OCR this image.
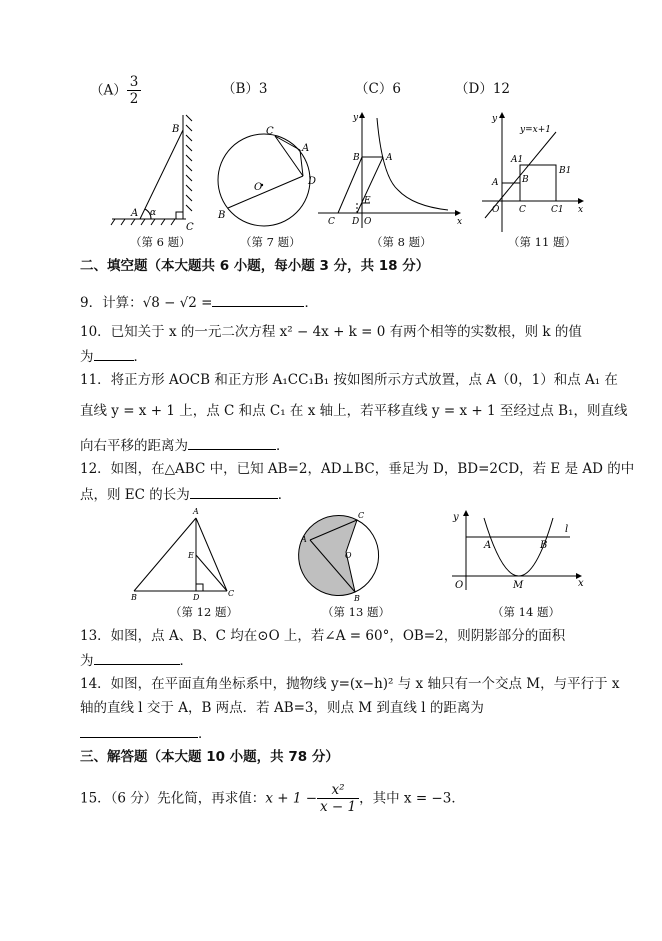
$(A) \frac{3}{2}$	（B）3	（C）6	（D）12
B
A α
C
C
A
D
B
O
y
B	A
E
C D O	x
y
y=x+1
A1
B1
A	B
O C	C1 x
（第 6 题）	（第 7 题）	（第 8 题）	（第 11 题）
二、填空题（本大题共 6 小题，每小题 3 分，共 18 分）
9．计算：√8 − √2 =	．
10．已知关于 x 的一元二次方程 x² − 4x + k = 0 有两个相等的实数根，则 k 的值
为	．
11．将正方形 AOCB 和正方形 A₁CC₁B₁ 按如图所示方式放置，点 A（0，1）和点 A₁ 在
直线 y = x + 1 上，点 C 和点 C₁ 在 x 轴上，若平移直线 y = x + 1 至经过点 B₁，则直线
向右平移的距离为	．
12．如图，在△ABC 中，已知 AB=2，AD⊥BC，垂足为 D，BD=2CD，若 E 是 AD 的中
点，则 EC 的长为	．
A
E
B	D	C
A
C
O
B
y
l
A	B
O	M	x
（第 12 题）	（第 13 题）	（第 14 题）
13．如图，点 A、B、C 均在⊙O 上，若∠A = 60°，OB=2，则阴影部分的面积
为	．
14．如图，在平面直角坐标系中，抛物线 y=(x−h)² 与 x 轴只有一个交点 M，与平行于 x
轴的直线 l 交于 A，B 两点．若 AB=3，则点 M 到直线 l 的距离为
．
三、解答题（本大题 10 小题，共 78 分）
15．（6 分）先化简，再求值：$x + 1 - \frac{\text{x²}}{x - 1}$ ，其中 x = −3．
